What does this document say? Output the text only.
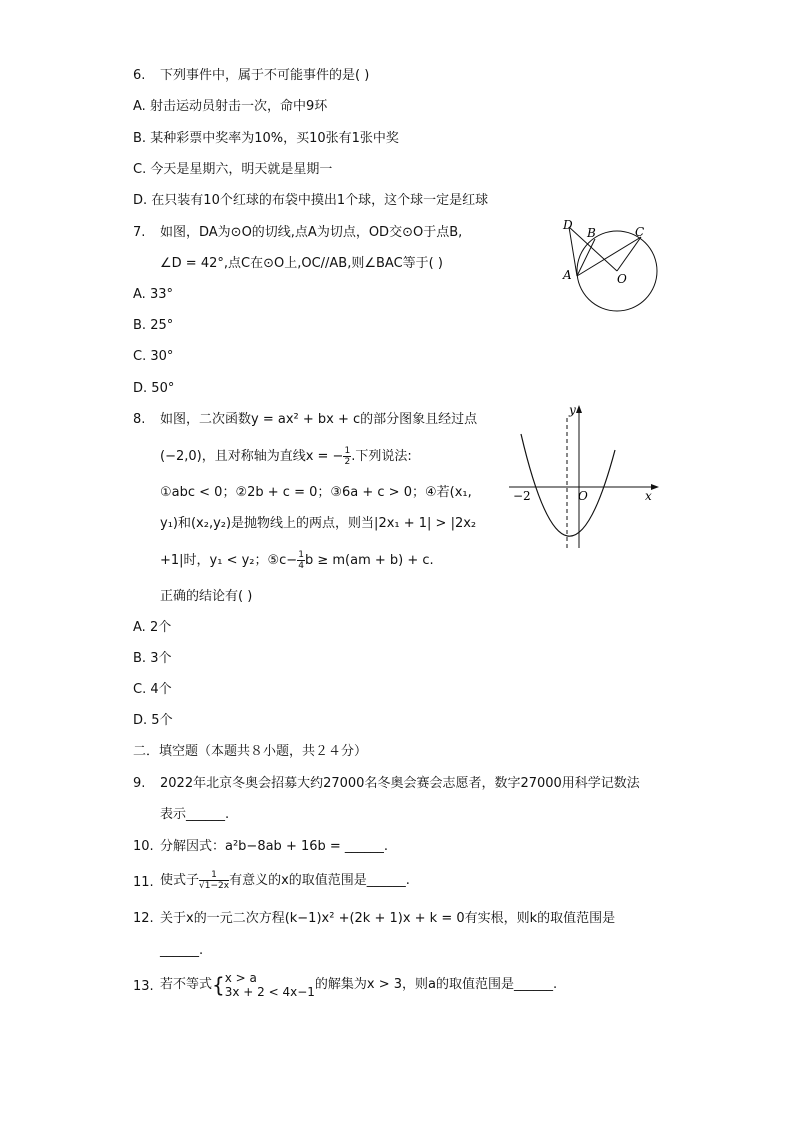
6. 下列事件中，属于不可能事件的是( )
A. 射击运动员射击一次，命中9环
B. 某种彩票中奖率为10%，买10张有1张中奖
C. 今天是星期六，明天就是星期一
D. 在只装有10个红球的布袋中摸出1个球，这个球一定是红球
7. 如图，DA为⊙O的切线,点A为切点，OD交⊙O于点B,
∠D = 42°,点C在⊙O上,OC//AB,则∠BAC等于( )
A. 33°
B. 25°
C. 30°
D. 50°
D
B	C
A	O
8. 如图，二次函数y = ax² + bx + c的部分图象且经过点
(−2,0)，且对称轴为直线x = − $\frac{1}{2}$ .下列说法:
①abc < 0；②2b + c = 0；③6a + c > 0；④若(x₁,
y₁)和(x₂,y₂)是抛物线上的两点，则当|2x₁ + 1| > |2x₂
+1|时，y₁ < y₂；⑤c− $\frac{1}{4}$ b ≥ m(am + b) + c.
正确的结论有( )
A. 2个
B. 3个
C. 4个
D. 5个
y
x
−2	O
二．填空题（本题共８小题，共２４分）
9. 2022年北京冬奥会招募大约27000名冬奥会赛会志愿者，数字27000用科学记数法
表示______.
10. 分解因式：a²b−8ab + 16b = ______.
11. 使式子 $\frac{1}{√1-2x}$ 有意义的x的取值范围是______.
12. 关于x的一元二次方程(k−1)x² +(2k + 1)x + k = 0有实根，则k的取值范围是
______.
13. 若不等式{ x > a
3x + 2 < 4x−1 的解集为x > 3，则a的取值范围是______.
